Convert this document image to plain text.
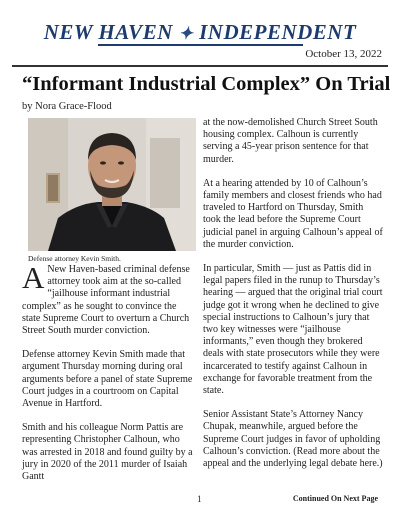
NEW HAVEN ✦ INDEPENDENT
October 13, 2022
“Informant Industrial Complex” On Trial
by Nora Grace-Flood
Defense attorney Kevin Smith.

A New Haven-based criminal defense attorney took aim at the so-called “jailhouse informant industrial complex” as he sought to convince the state Supreme Court to overturn a Church Street South murder conviction.

Defense attorney Kevin Smith made that argument Thursday morning during oral arguments before a panel of state Supreme Court judges in a courtroom on Capital Avenue in Hartford.

Smith and his colleague Norm Pattis are representing Christopher Calhoun, who was arrested in 2018 and found guilty by a jury in 2020 of the 2011 murder of Isaiah Gantt

at the now-demolished Church Street South housing complex. Calhoun is currently serving a 45-year prison sentence for that murder.

At a hearing attended by 10 of Calhoun’s family members and closest friends who had traveled to Hartford on Thursday, Smith took the lead before the Supreme Court judicial panel in arguing Calhoun’s appeal of the murder conviction.

In particular, Smith — just as Pattis did in legal papers filed in the runup to Thursday’s hearing — argued that the original trial court judge got it wrong when he declined to give special instructions to Calhoun’s jury that two key witnesses were “jailhouse informants,” even though they brokered deals with state prosecutors while they were incarcerated to testify against Calhoun in exchange for favorable treatment from the state.

Senior Assistant State’s Attorney Nancy Chupak, meanwhile, argued before the Supreme Court judges in favor of upholding Calhoun’s conviction. (Read more about the appeal and the underlying legal debate here.)

1	Continued On Next Page
